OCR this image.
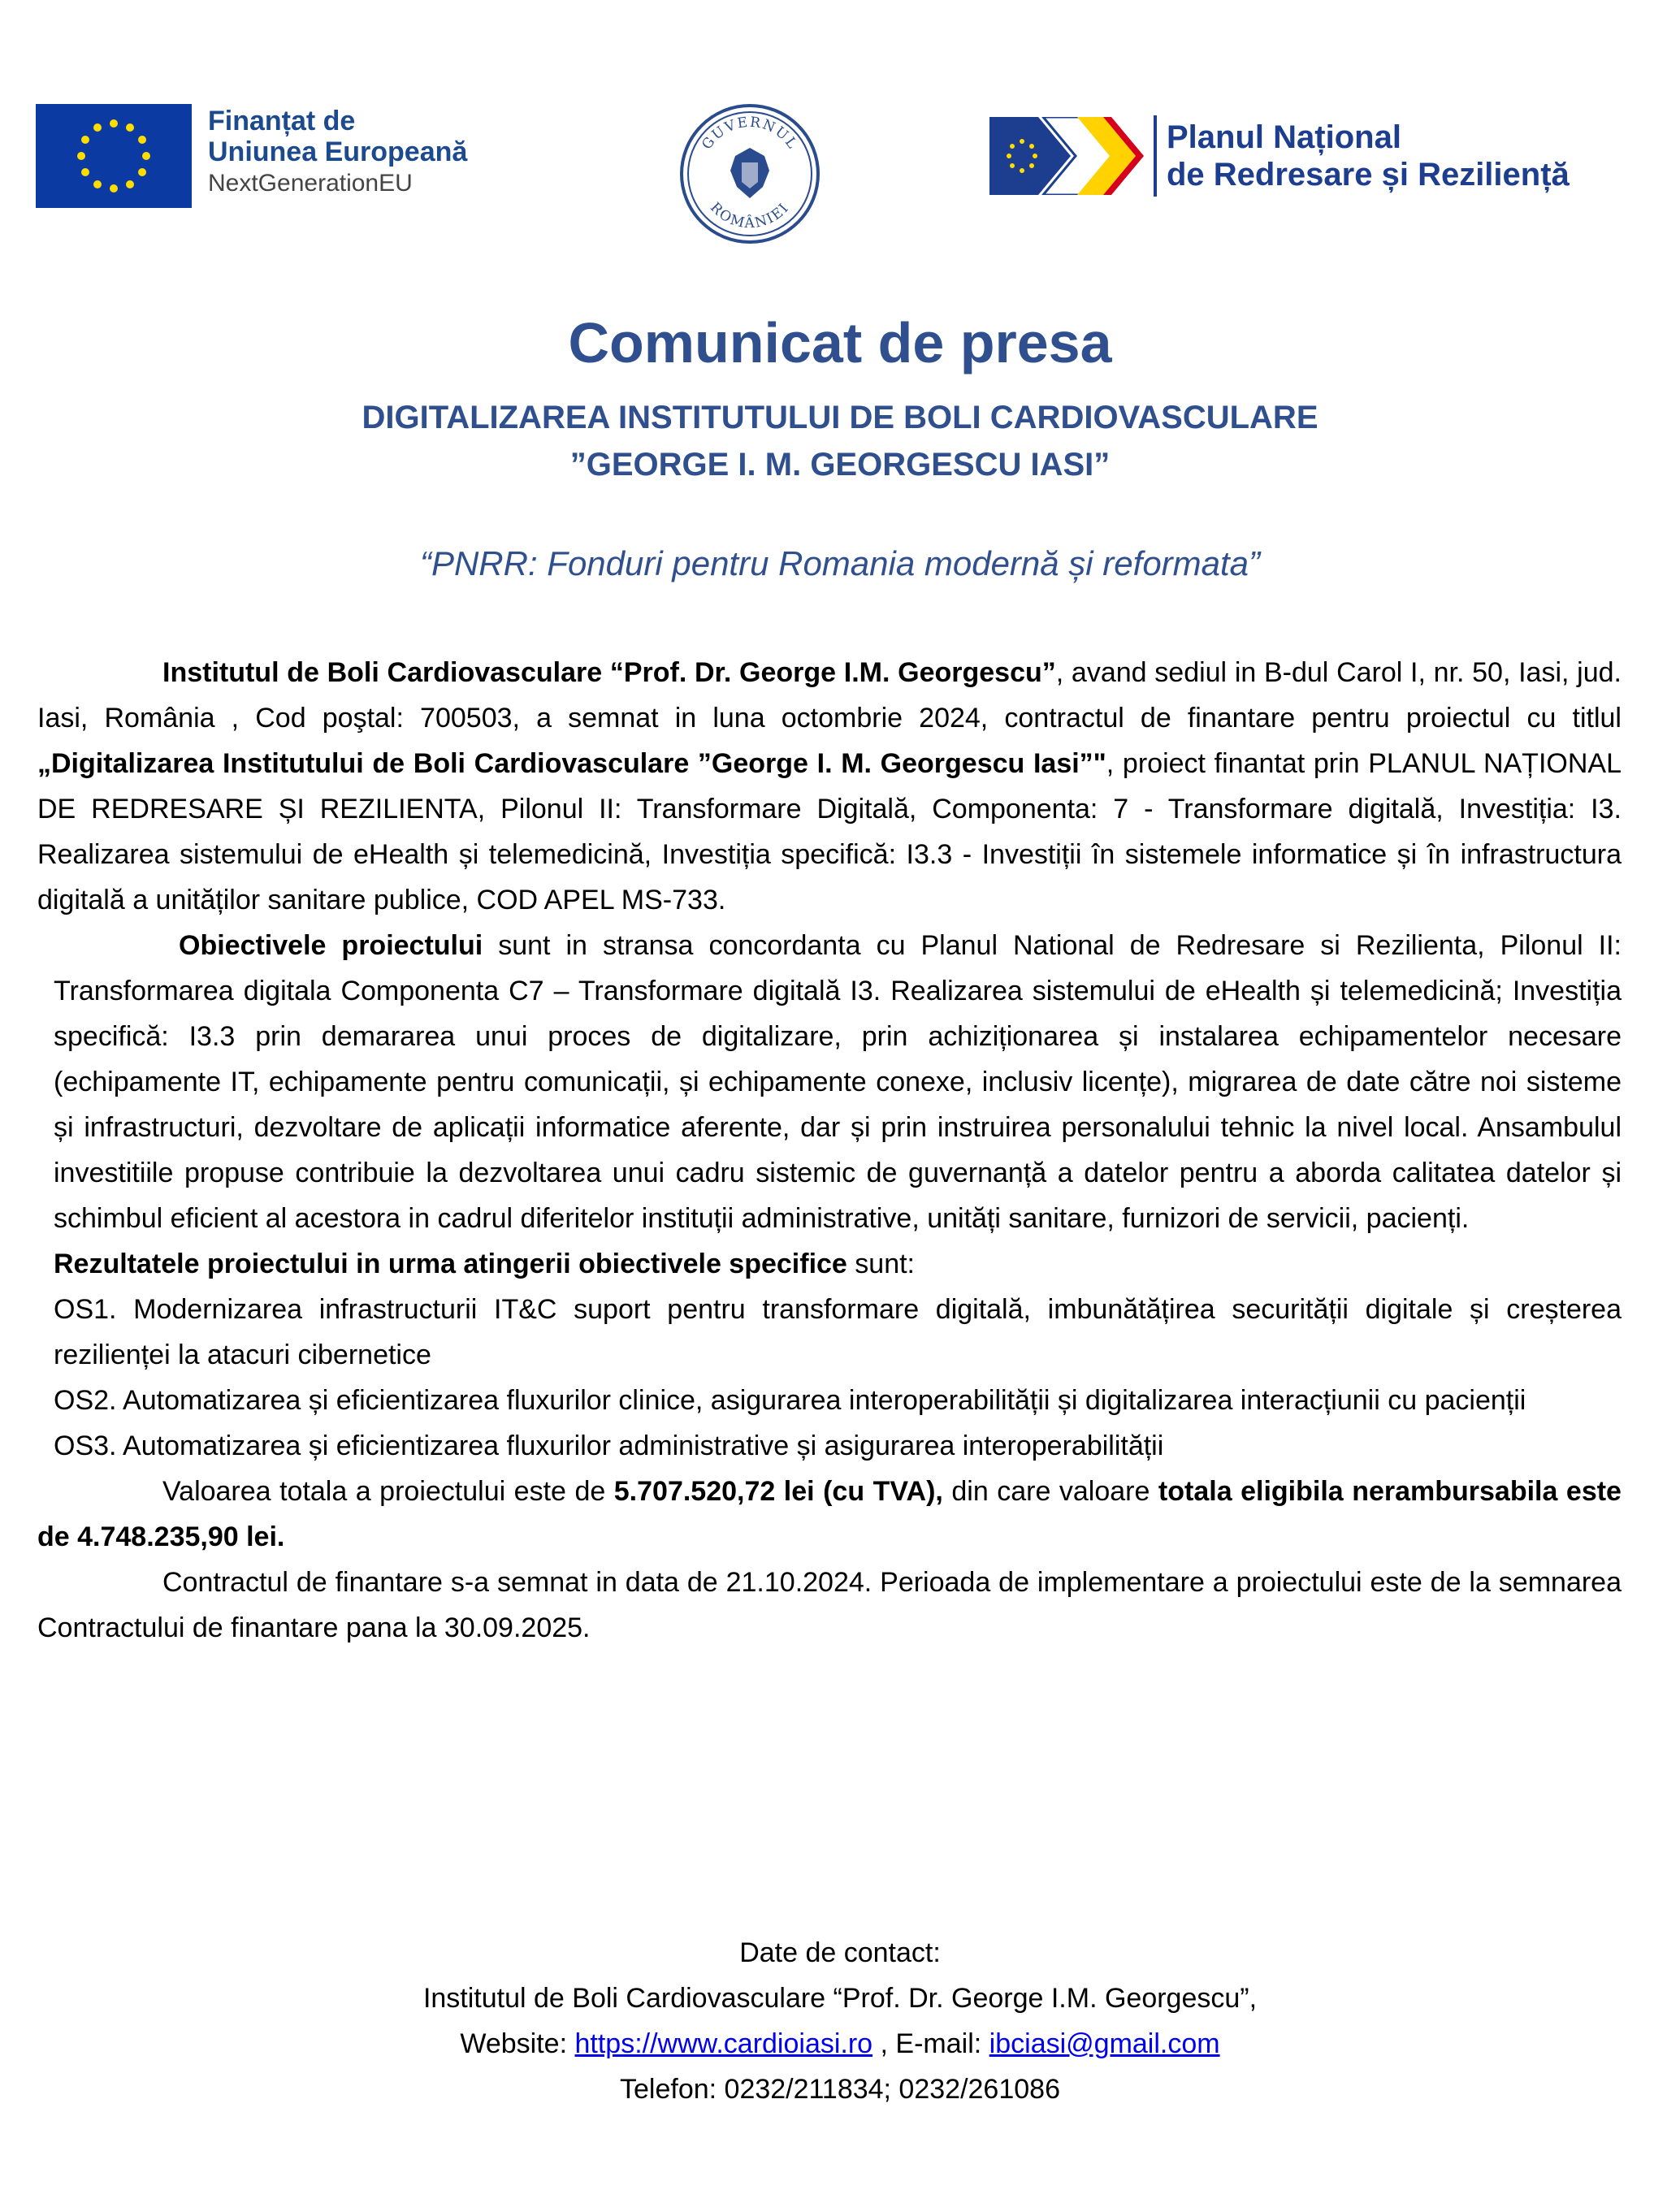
Finanțat de
Uniunea Europeană
NextGenerationEU
GUVERNUL
ROMÂNIEI
Planul Național
de Redresare și Reziliență
Comunicat de presa
DIGITALIZAREA INSTITUTULUI DE BOLI CARDIOVASCULARE
”GEORGE I. M. GEORGESCU IASI”
“PNRR: Fonduri pentru Romania modernă și reformata”

Institutul de Boli Cardiovasculare “Prof. Dr. George I.M. Georgescu”, avand sediul in B-dul Carol I, nr. 50, Iasi, jud. Iasi, România , Cod poştal: 700503, a semnat in luna octombrie 2024, contractul de finantare pentru proiectul cu titlul „Digitalizarea Institutului de Boli Cardiovasculare ”George I. M. Georgescu Iasi”", proiect finantat prin PLANUL NAȚIONAL DE REDRESARE ȘI REZILIENTA, Pilonul II: Transformare Digitală, Componenta: 7 - Transformare digitală, Investiția: I3. Realizarea sistemului de eHealth și telemedicină, Investiția specifică: I3.3 - Investiții în sistemele informatice și în infrastructura digitală a unităților sanitare publice, COD APEL MS-733.

Obiectivele proiectului sunt in stransa concordanta cu Planul National de Redresare si Rezilienta, Pilonul II: Transformarea digitala Componenta C7 – Transformare digitală I3. Realizarea sistemului de eHealth și telemedicină; Investiția specifică: I3.3 prin demararea unui proces de digitalizare, prin achiziționarea și instalarea echipamentelor necesare (echipamente IT, echipamente pentru comunicații, și echipamente conexe, inclusiv licențe), migrarea de date către noi sisteme și infrastructuri, dezvoltare de aplicații informatice aferente, dar și prin instruirea personalului tehnic la nivel local. Ansambulul investitiile propuse contribuie la dezvoltarea unui cadru sistemic de guvernanță a datelor pentru a aborda calitatea datelor și schimbul eficient al acestora in cadrul diferitelor instituții administrative, unități sanitare, furnizori de servicii, pacienți.

Rezultatele proiectului in urma atingerii obiectivele specifice sunt:

OS1. Modernizarea infrastructurii IT&C suport pentru transformare digitală, imbunătățirea securității digitale și creșterea rezilienței la atacuri cibernetice

OS2. Automatizarea și eficientizarea fluxurilor clinice, asigurarea interoperabilității și digitalizarea interacțiunii cu pacienții

OS3. Automatizarea și eficientizarea fluxurilor administrative și asigurarea interoperabilității

Valoarea totala a proiectului este de 5.707.520,72 lei (cu TVA), din care valoare totala eligibila nerambursabila este de 4.748.235,90 lei.

Contractul de finantare s-a semnat in data de 21.10.2024. Perioada de implementare a proiectului este de la semnarea Contractului de finantare pana la 30.09.2025.

Date de contact:
Institutul de Boli Cardiovasculare “Prof. Dr. George I.M. Georgescu”,
Website: https://www.cardioiasi.ro , E-mail: ibciasi@gmail.com
Telefon: 0232/211834; 0232/261086
